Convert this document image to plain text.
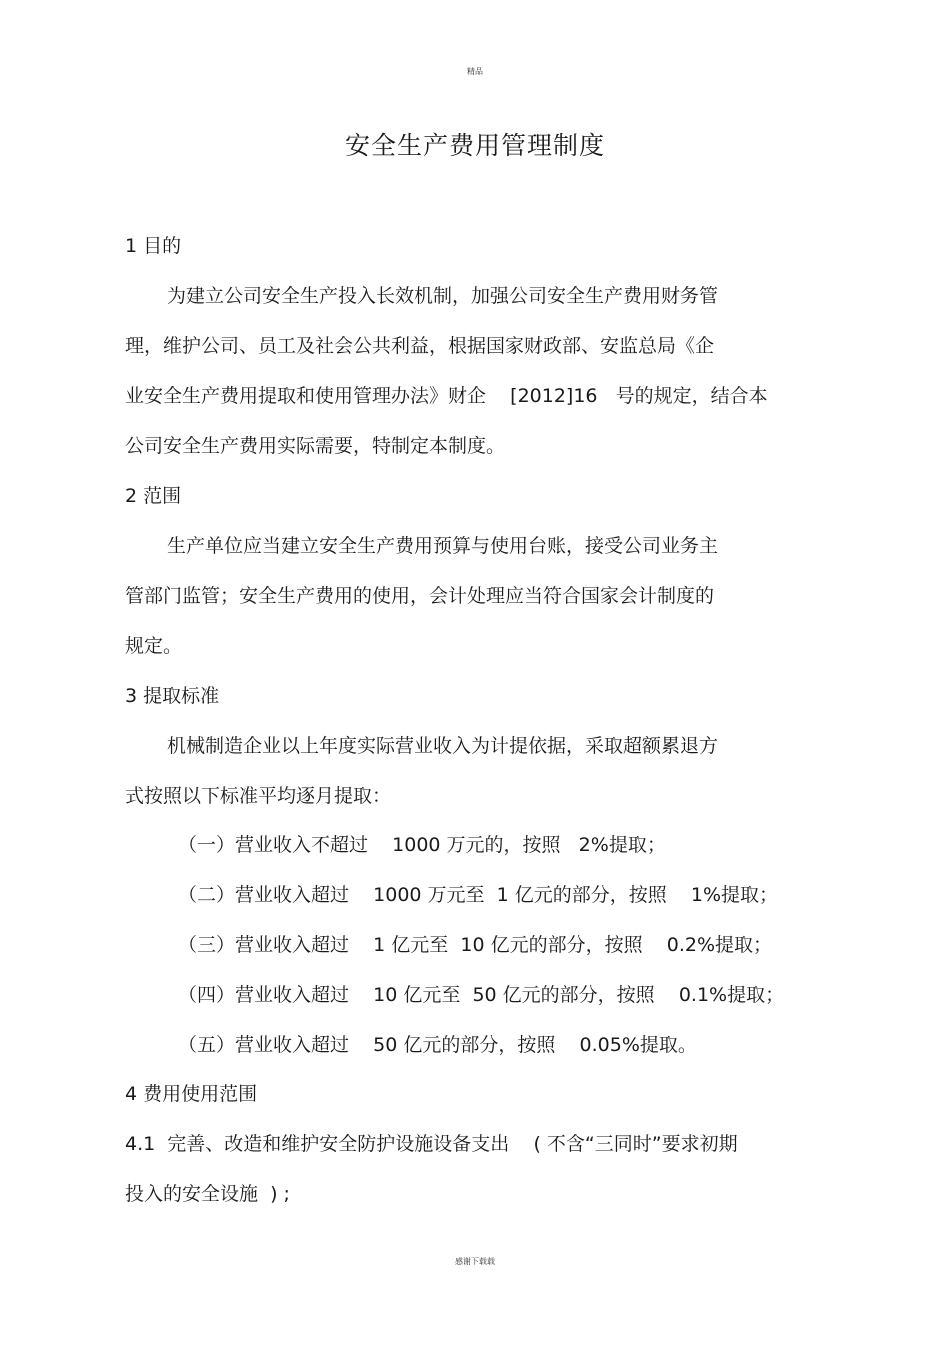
精品
安全生产费用管理制度
1 目的
为建立公司安全生产投入长效机制，加强公司安全生产费用财务管
理，维护公司、员工及社会公共利益，根据国家财政部、安监总局《企
业安全生产费用提取和使用管理办法》财企    [2012]16   号的规定，结合本
公司安全生产费用实际需要，特制定本制度。
2 范围
生产单位应当建立安全生产费用预算与使用台账，接受公司业务主
管部门监管；安全生产费用的使用，会计处理应当符合国家会计制度的
规定。
3 提取标准
机械制造企业以上年度实际营业收入为计提依据，采取超额累退方
式按照以下标准平均逐月提取：
（一）营业收入不超过    1000 万元的，按照   2%提取；
（二）营业收入超过    1000 万元至  1 亿元的部分，按照    1%提取；
（三）营业收入超过    1 亿元至  10 亿元的部分，按照    0.2%提取；
（四）营业收入超过    10 亿元至  50 亿元的部分，按照    0.1%提取；
（五）营业收入超过    50 亿元的部分，按照    0.05%提取。
4 费用使用范围
4.1  完善、改造和维护安全防护设施设备支出    ( 不含“三同时”要求初期
投入的安全设施  ) ;
感谢下载载
